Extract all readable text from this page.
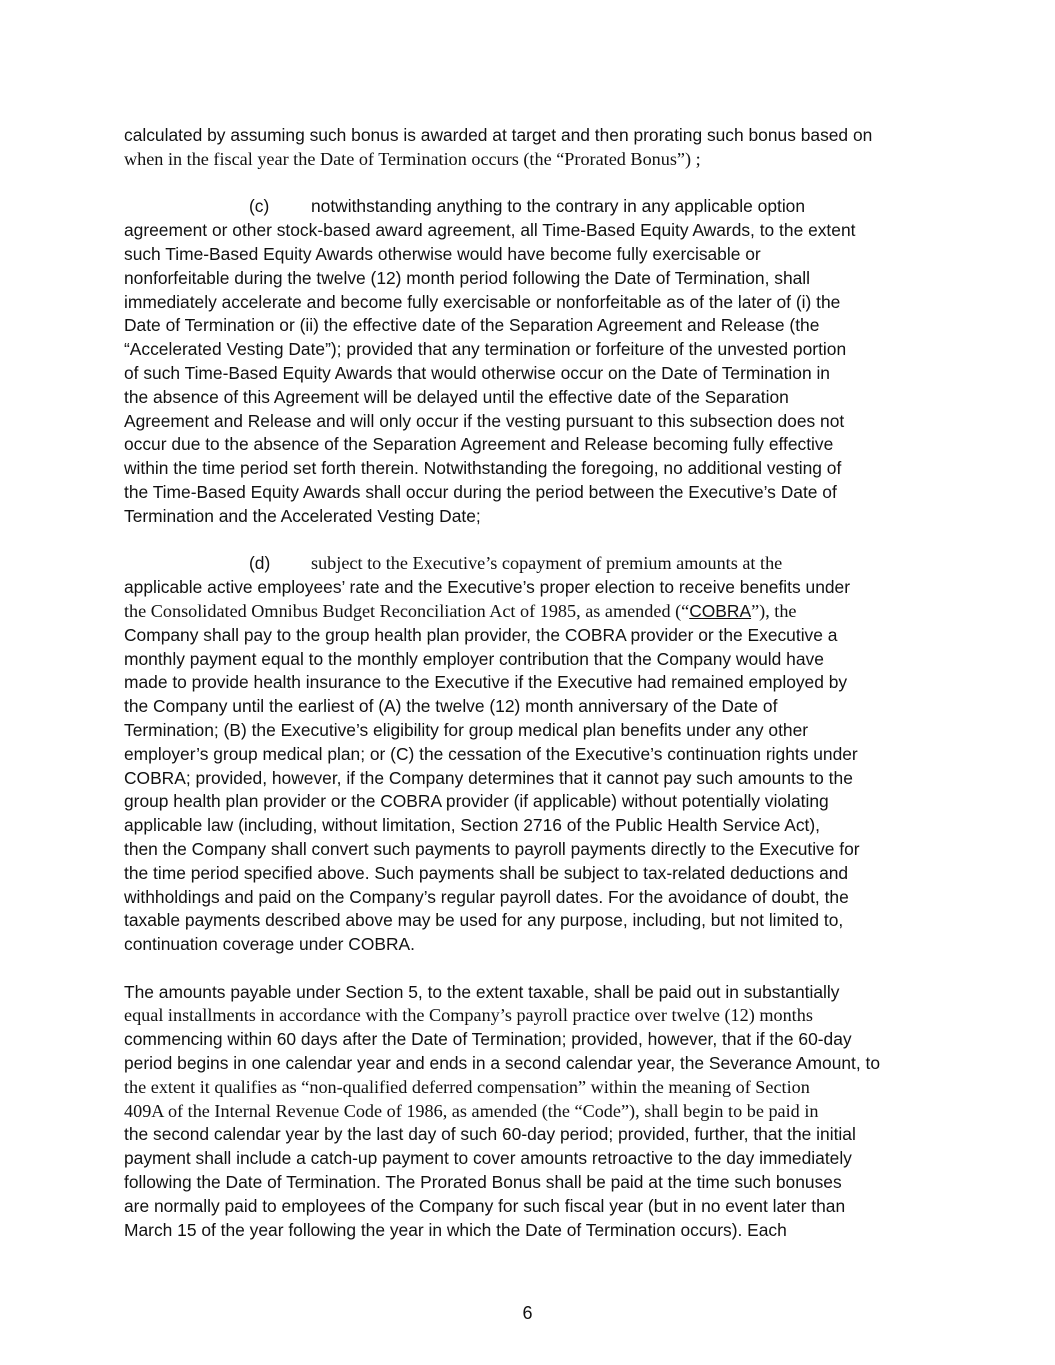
calculated by assuming such bonus is awarded at target and then prorating such bonus based on

when in the fiscal year the Date of Termination occurs (the “Prorated Bonus”) ;

(c) notwithstanding anything to the contrary in any applicable option

agreement or other stock-based award agreement, all Time-Based Equity Awards, to the extent

such Time-Based Equity Awards otherwise would have become fully exercisable or

nonforfeitable during the twelve (12) month period following the Date of Termination, shall

immediately accelerate and become fully exercisable or nonforfeitable as of the later of (i) the

Date of Termination or (ii) the effective date of the Separation Agreement and Release (the

“Accelerated Vesting Date”); provided that any termination or forfeiture of the unvested portion

of such Time-Based Equity Awards that would otherwise occur on the Date of Termination in

the absence of this Agreement will be delayed until the effective date of the Separation

Agreement and Release and will only occur if the vesting pursuant to this subsection does not

occur due to the absence of the Separation Agreement and Release becoming fully effective

within the time period set forth therein. Notwithstanding the foregoing, no additional vesting of

the Time-Based Equity Awards shall occur during the period between the Executive’s Date of

Termination and the Accelerated Vesting Date;

(d) subject to the Executive’s copayment of premium amounts at the

applicable active employees’ rate and the Executive’s proper election to receive benefits under

the Consolidated Omnibus Budget Reconciliation Act of 1985, as amended (“COBRA”), the

Company shall pay to the group health plan provider, the COBRA provider or the Executive a

monthly payment equal to the monthly employer contribution that the Company would have

made to provide health insurance to the Executive if the Executive had remained employed by

the Company until the earliest of (A) the twelve (12) month anniversary of the Date of

Termination; (B) the Executive’s eligibility for group medical plan benefits under any other

employer’s group medical plan; or (C) the cessation of the Executive’s continuation rights under

COBRA; provided, however, if the Company determines that it cannot pay such amounts to the

group health plan provider or the COBRA provider (if applicable) without potentially violating

applicable law (including, without limitation, Section 2716 of the Public Health Service Act),

then the Company shall convert such payments to payroll payments directly to the Executive for

the time period specified above. Such payments shall be subject to tax-related deductions and

withholdings and paid on the Company’s regular payroll dates. For the avoidance of doubt, the

taxable payments described above may be used for any purpose, including, but not limited to,

continuation coverage under COBRA.

The amounts payable under Section 5, to the extent taxable, shall be paid out in substantially

equal installments in accordance with the Company’s payroll practice over twelve (12) months

commencing within 60 days after the Date of Termination; provided, however, that if the 60-day

period begins in one calendar year and ends in a second calendar year, the Severance Amount, to

the extent it qualifies as “non-qualified deferred compensation” within the meaning of Section

409A of the Internal Revenue Code of 1986, as amended (the “Code”), shall begin to be paid in

the second calendar year by the last day of such 60-day period; provided, further, that the initial

payment shall include a catch-up payment to cover amounts retroactive to the day immediately

following the Date of Termination. The Prorated Bonus shall be paid at the time such bonuses

are normally paid to employees of the Company for such fiscal year (but in no event later than

March 15 of the year following the year in which the Date of Termination occurs). Each

6
